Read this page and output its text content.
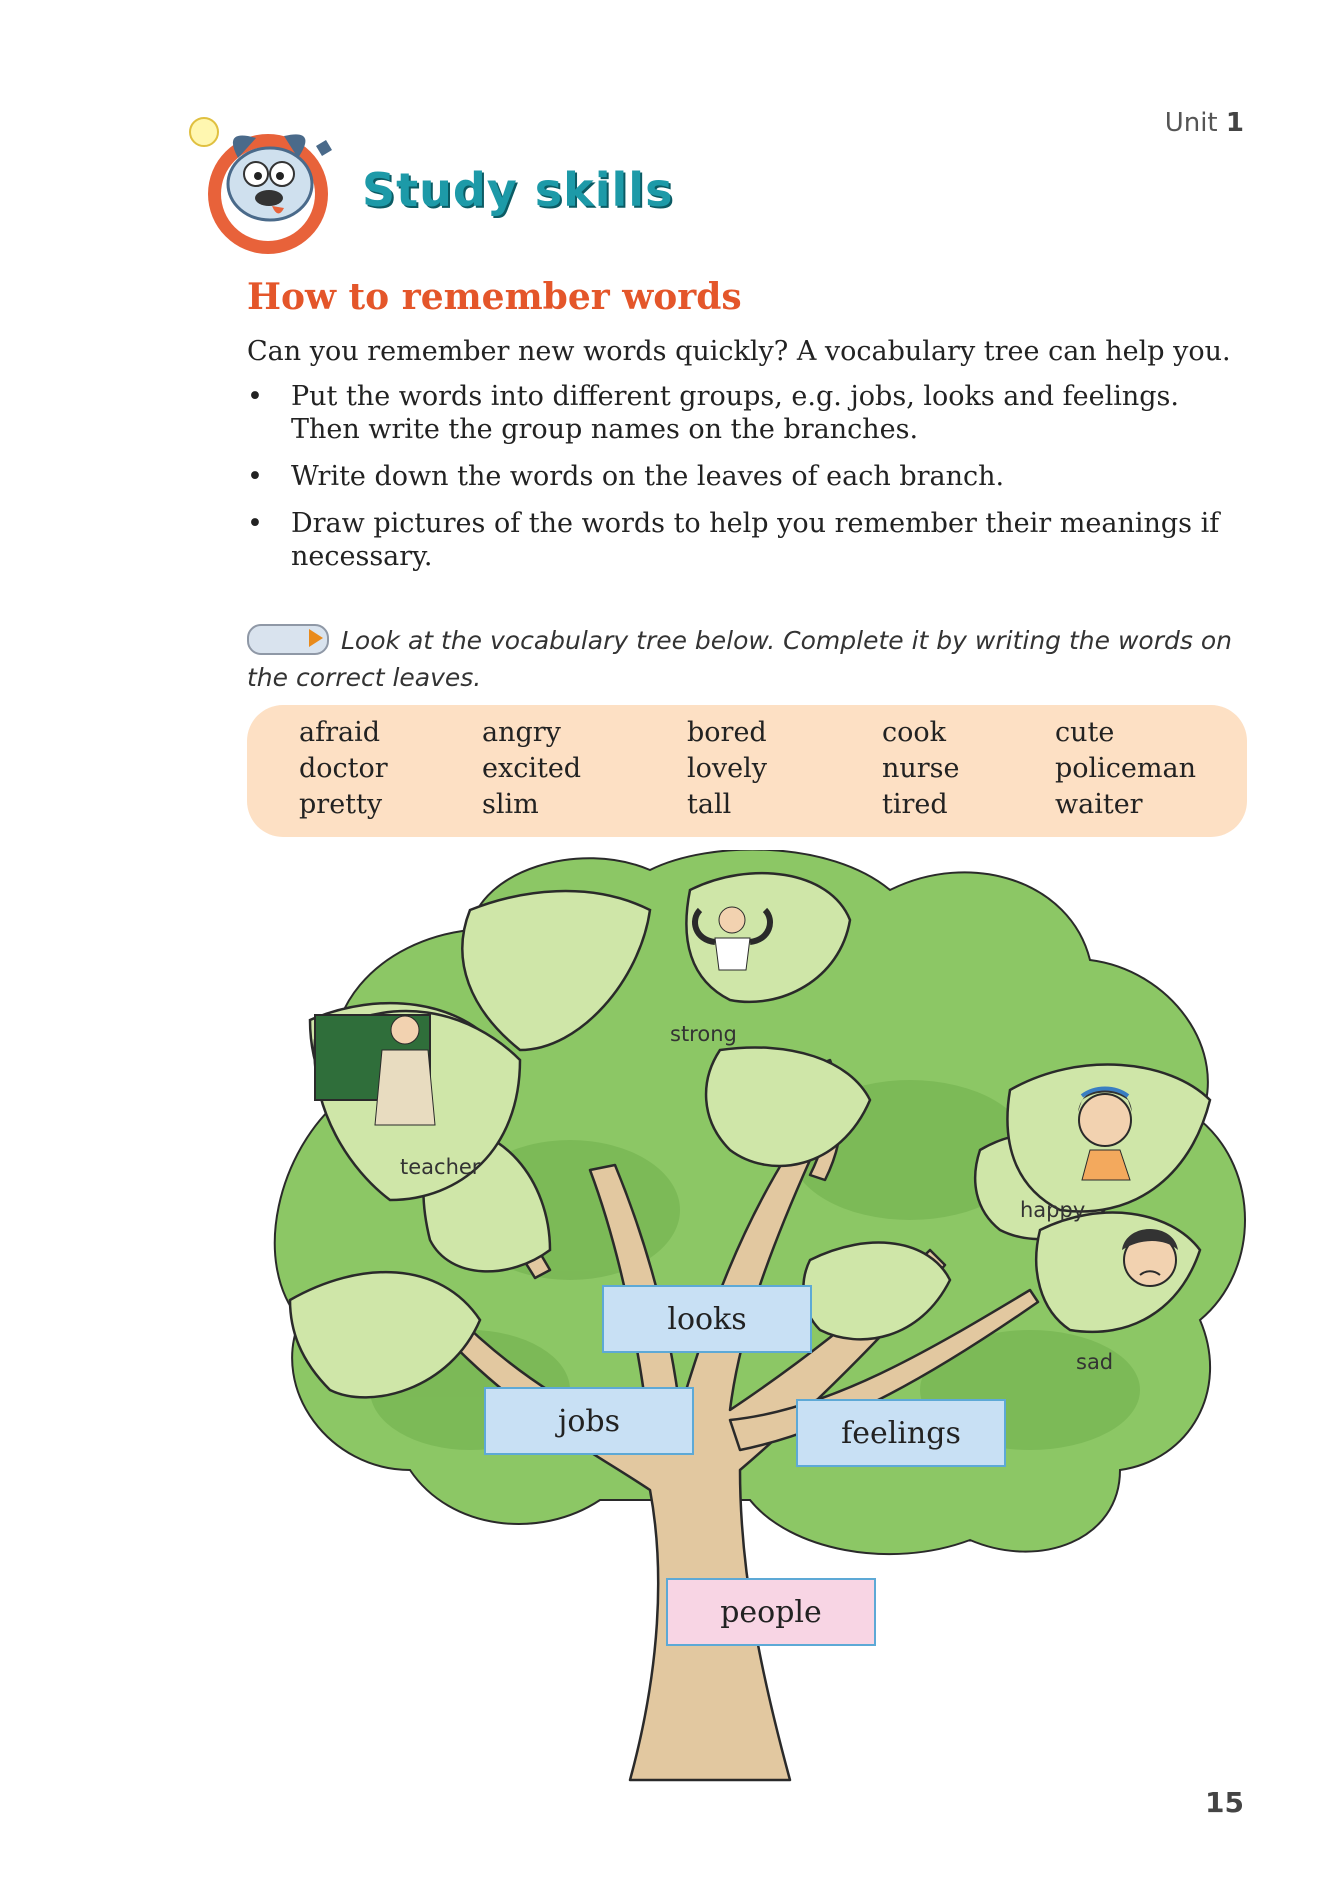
Unit 1
Study skills
How to remember words
Can you remember new words quickly? A vocabulary tree can help you.
• Put the words into different groups, e.g. jobs, looks and feelings. Then write the group names on the branches.
• Write down the words on the leaves of each branch.
• Draw pictures of the words to help you remember their meanings if necessary.
Look at the vocabulary tree below. Complete it by writing the words on the correct leaves.
afraid
doctor
pretty
angry
excited
slim
bored
lovely
tall
cook
nurse
tired
cute
policeman
waiter
teacher
strong
happy
sad
looks
jobs	feelings
people
15
